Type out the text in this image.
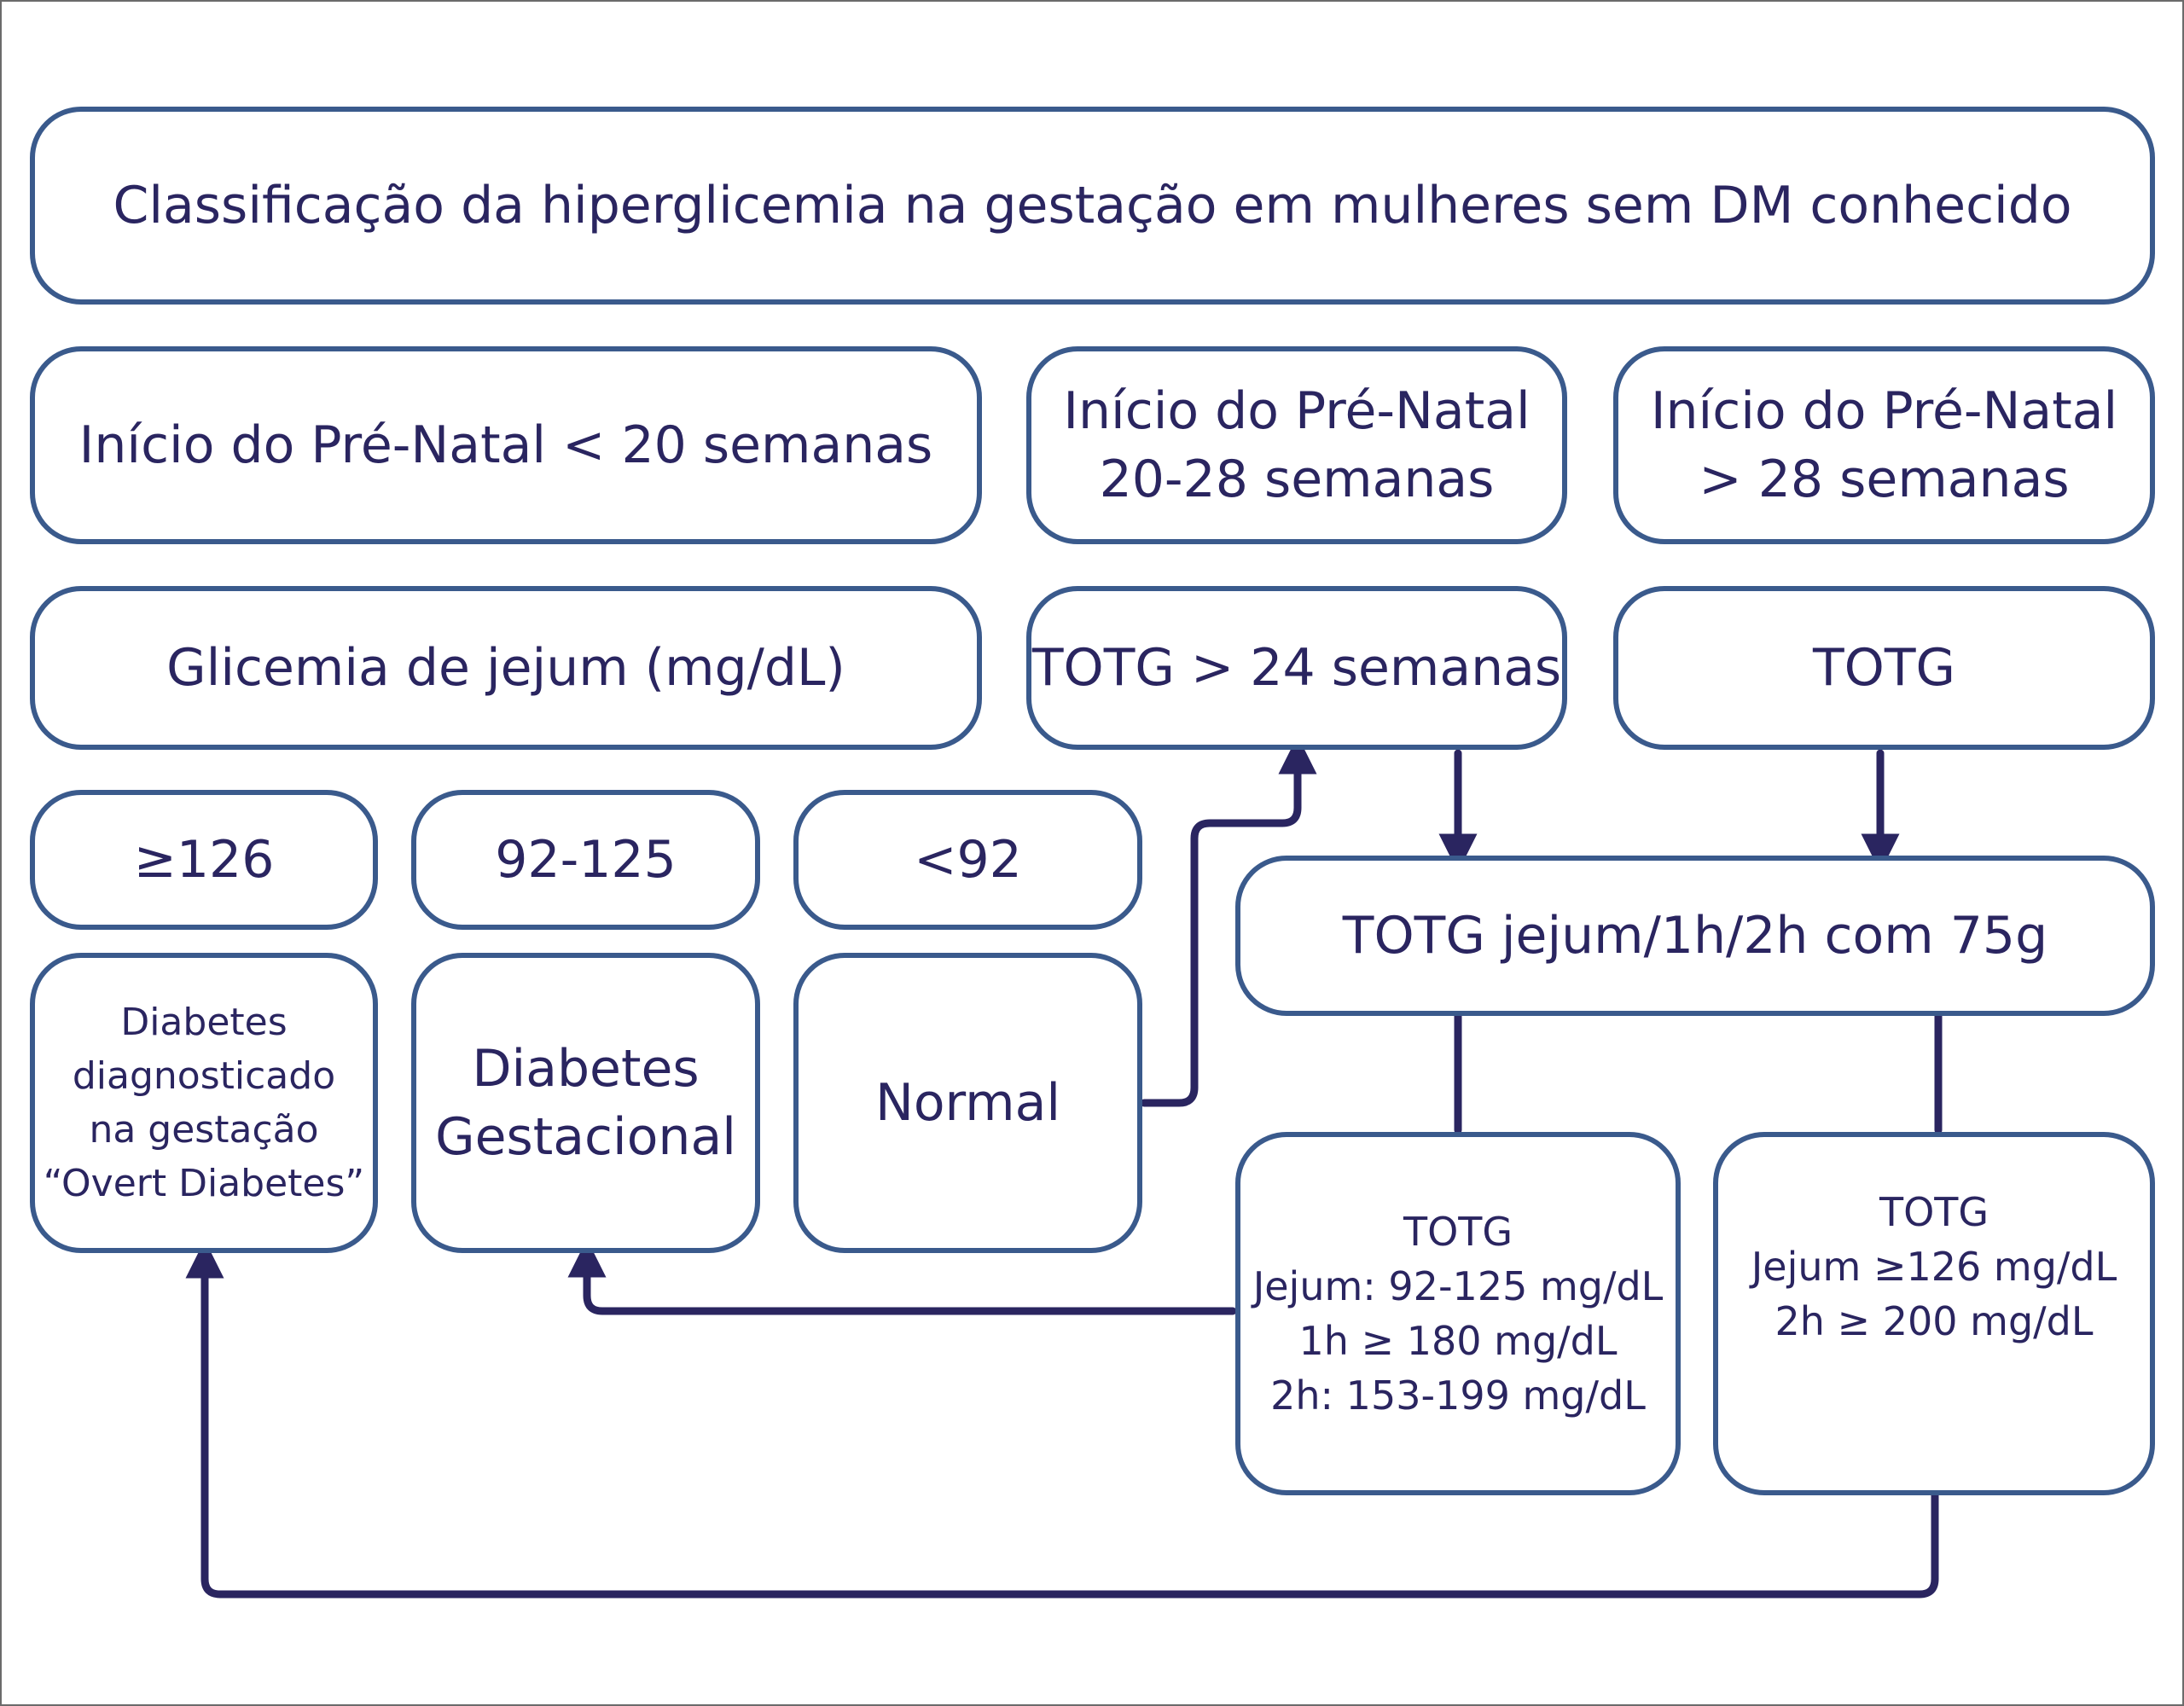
Classificação da hiperglicemia na gestação em mulheres sem DM conhecido
Início do Pré-Natal < 20 semanas
Início do Pré-Natal
20-28 semanas
Início do Pré-Natal
> 28 semanas
Glicemia de jejum (mg/dL)	TOTG > 24 semanas	TOTG
≥126	92-125	<92
Diabetes
diagnosticado
na gestação
“Overt Diabetes”
Diabetes
Gestacional
Normal
TOTG jejum/1h/2h com 75g
TOTG
Jejum: 92-125 mg/dL
1h ≥ 180 mg/dL
2h: 153-199 mg/dL
TOTG
Jejum ≥126 mg/dL
2h ≥ 200 mg/dL
